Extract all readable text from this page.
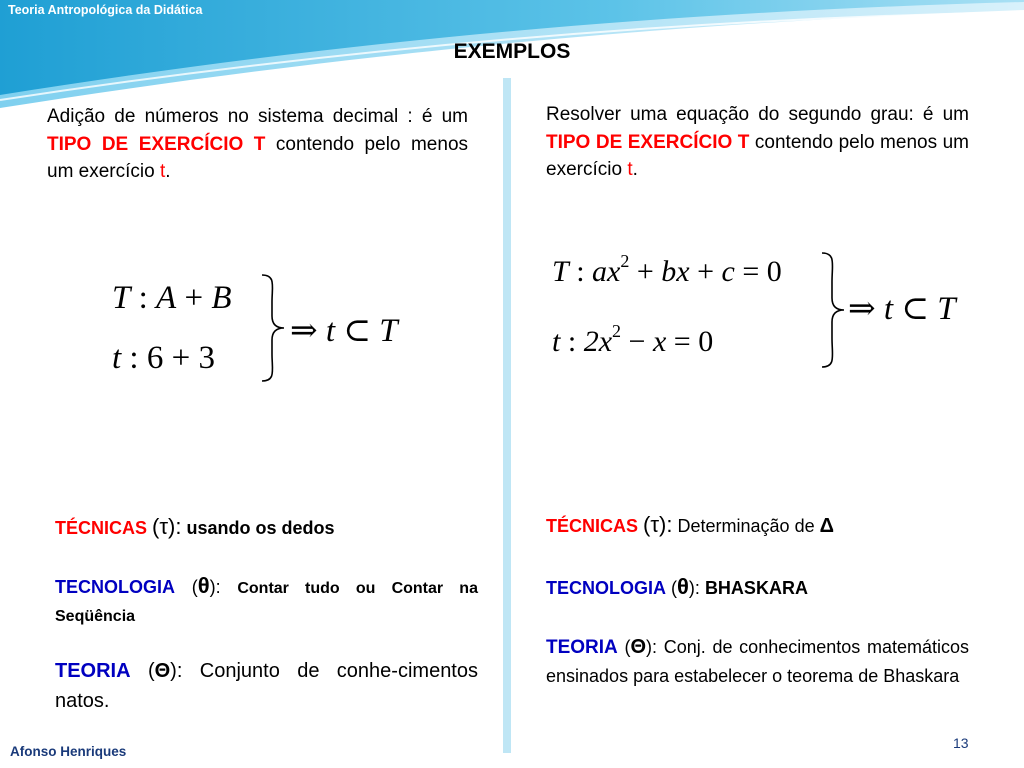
Teoria Antropológica da Didática
EXEMPLOS
Adição de números no sistema decimal : é um TIPO DE EXERCÍCIO T contendo pelo menos um exercício t.
T : A + B
t : 6 + 3
⇒ t ⊂ T
TÉCNICAS (τ): usando os dedos
TECNOLOGIA (θ): Contar tudo ou Contar na Seqüência
TEORIA (Θ): Conjunto de conhe-cimentos natos.
Resolver uma equação do segundo grau: é um TIPO DE EXERCÍCIO T contendo pelo menos um exercício t.
T : $ax^2$ + bx + c = 0
t : $2x^2 - x = 0$
⇒ t ⊂ T
TÉCNICAS (τ): Determinação de Δ
TECNOLOGIA (θ): BHASKARA
TEORIA (Θ): Conj. de conhecimentos matemáticos ensinados para estabelecer o teorema de Bhaskara
Afonso Henriques
13
